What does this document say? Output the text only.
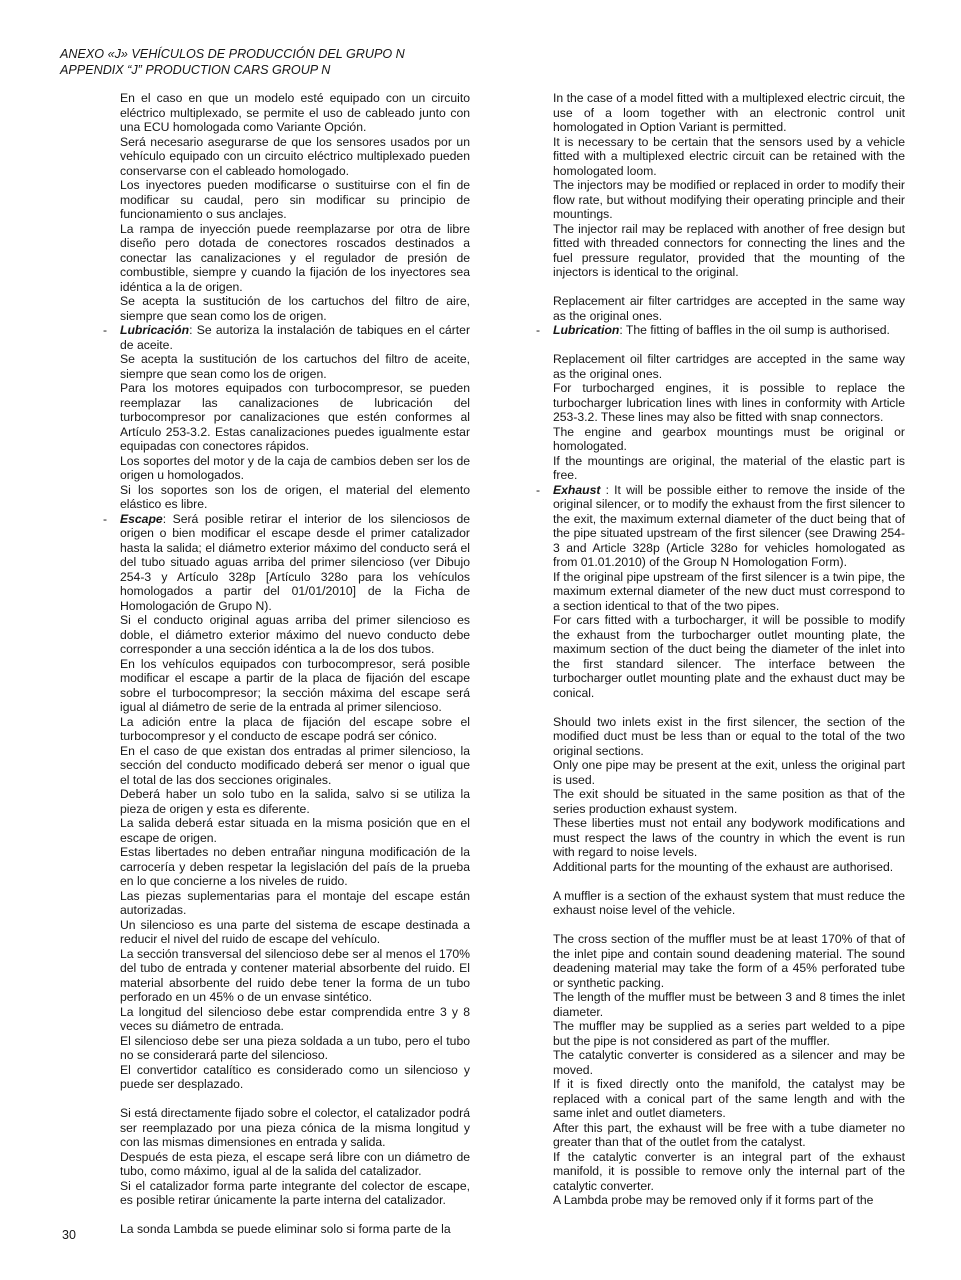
ANEXO «J» VEHÍCULOS DE PRODUCCIÓN DEL GRUPO N
APPENDIX “J” PRODUCTION CARS GROUP N

En el caso en que un modelo esté equipado con un circuito eléctrico multiplexado, se permite el uso de cableado junto con una ECU homologada como Variante Opción.

Será necesario asegurarse de que los sensores usados por un vehículo equipado con un circuito eléctrico multiplexado pueden conservarse con el cableado homologado.

Los inyectores pueden modificarse o sustituirse con el fin de modificar su caudal, pero sin modificar su principio de funcionamiento o sus anclajes.

La rampa de inyección puede reemplazarse por otra de libre diseño pero dotada de conectores roscados destinados a conectar las canalizaciones y el regulador de presión de combustible, siempre y cuando la fijación de los inyectores sea idéntica a la de origen.

Se acepta la sustitución de los cartuchos del filtro de aire, siempre que sean como los de origen.

- Lubricación: Se autoriza la instalación de tabiques en el cárter de aceite.

Se acepta la sustitución de los cartuchos del filtro de aceite, siempre que sean como los de origen.

Para los motores equipados con turbocompresor, se pueden reemplazar las canalizaciones de lubricación del turbocompresor por canalizaciones que estén conformes al Artículo 253-3.2. Estas canalizaciones puedes igualmente estar equipadas con conectores rápidos.

Los soportes del motor y de la caja de cambios deben ser los de origen u homologados.

Si los soportes son los de origen, el material del elemento elástico es libre.

- Escape: Será posible retirar el interior de los silenciosos de origen o bien modificar el escape desde el primer catalizador hasta la salida; el diámetro exterior máximo del conducto será el del tubo situado aguas arriba del primer silencioso (ver Dibujo 254-3 y Artículo 328p [Artículo 328o para los vehículos homologados a partir del 01/01/2010] de la Ficha de Homologación de Grupo N).

Si el conducto original aguas arriba del primer silencioso es doble, el diámetro exterior máximo del nuevo conducto debe corresponder a una sección idéntica a la de los dos tubos.

En los vehículos equipados con turbocompresor, será posible modificar el escape a partir de la placa de fijación del escape sobre el turbocompresor; la sección máxima del escape será igual al diámetro de serie de la entrada al primer silencioso.

La adición entre la placa de fijación del escape sobre el turbocompresor y el conducto de escape podrá ser cónico.

En el caso de que existan dos entradas al primer silencioso, la sección del conducto modificado deberá ser menor o igual que el total de las dos secciones originales.

Deberá haber un solo tubo en la salida, salvo si se utiliza la pieza de origen y esta es diferente.

La salida deberá estar situada en la misma posición que en el escape de origen.

Estas libertades no deben entrañar ninguna modificación de la carrocería y deben respetar la legislación del país de la prueba en lo que concierne a los niveles de ruido.

Las piezas suplementarias para el montaje del escape están autorizadas.

Un silencioso es una parte del sistema de escape destinada a reducir el nivel del ruido de escape del vehículo.

La sección transversal del silencioso debe ser al menos el 170% del tubo de entrada y contener material absorbente del ruido. El material absorbente del ruido debe tener la forma de un tubo perforado en un 45% o de un envase sintético.

La longitud del silencioso debe estar comprendida entre 3 y 8 veces su diámetro de entrada.

El silencioso debe ser una pieza soldada a un tubo, pero el tubo no se considerará parte del silencioso.

El convertidor catalítico es considerado como un silencioso y puede ser desplazado.

Si está directamente fijado sobre el colector, el catalizador podrá ser reemplazado por una pieza cónica de la misma longitud y con las mismas dimensiones en entrada y salida.

Después de esta pieza, el escape será libre con un diámetro de tubo, como máximo, igual al de la salida del catalizador.

Si el catalizador forma parte integrante del colector de escape, es posible retirar únicamente la parte interna del catalizador.

La sonda Lambda se puede eliminar solo si forma parte de la

In the case of a model fitted with a multiplexed electric circuit, the use of a loom together with an electronic control unit homologated in Option Variant is permitted.

It is necessary to be certain that the sensors used by a vehicle fitted with a multiplexed electric circuit can be retained with the homologated loom.

The injectors may be modified or replaced in order to modify their flow rate, but without modifying their operating principle and their mountings.

The injector rail may be replaced with another of free design but fitted with threaded connectors for connecting the lines and the fuel pressure regulator, provided that the mounting of the injectors is identical to the original.

Replacement air filter cartridges are accepted in the same way as the original ones.

- Lubrication: The fitting of baffles in the oil sump is authorised.

Replacement oil filter cartridges are accepted in the same way as the original ones.

For turbocharged engines, it is possible to replace the turbocharger lubrication lines with lines in conformity with Article 253-3.2. These lines may also be fitted with snap connectors.

The engine and gearbox mountings must be original or homologated.

If the mountings are original, the material of the elastic part is free.

- Exhaust : It will be possible either to remove the inside of the original silencer, or to modify the exhaust from the first silencer to the exit, the maximum external diameter of the duct being that of the pipe situated upstream of the first silencer (see Drawing 254-3 and Article 328p (Article 328o for vehicles homologated as from 01.01.2010) of the Group N Homologation Form).

If the original pipe upstream of the first silencer is a twin pipe, the maximum external diameter of the new duct must correspond to a section identical to that of the two pipes.

For cars fitted with a turbocharger, it will be possible to modify the exhaust from the turbocharger outlet mounting plate, the maximum section of the duct being the diameter of the inlet into the first standard silencer. The interface between the turbocharger outlet mounting plate and the exhaust duct may be conical.

Should two inlets exist in the first silencer, the section of the modified duct must be less than or equal to the total of the two original sections.

Only one pipe may be present at the exit, unless the original part is used.

The exit should be situated in the same position as that of the series production exhaust system.

These liberties must not entail any bodywork modifications and must respect the laws of the country in which the event is run with regard to noise levels.

Additional parts for the mounting of the exhaust are authorised.

A muffler is a section of the exhaust system that must reduce the exhaust noise level of the vehicle.

The cross section of the muffler must be at least 170% of that of the inlet pipe and contain sound deadening material. The sound deadening material may take the form of a 45% perforated tube or synthetic packing.

The length of the muffler must be between 3 and 8 times the inlet diameter.

The muffler may be supplied as a series part welded to a pipe but the pipe is not considered as part of the muffler.

The catalytic converter is considered as a silencer and may be moved.

If it is fixed directly onto the manifold, the catalyst may be replaced with a conical part of the same length and with the same inlet and outlet diameters.

After this part, the exhaust will be free with a tube diameter no greater than that of the outlet from the catalyst.

If the catalytic converter is an integral part of the exhaust manifold, it is possible to remove only the internal part of the catalytic converter.

A Lambda probe may be removed only if it forms part of the

30
